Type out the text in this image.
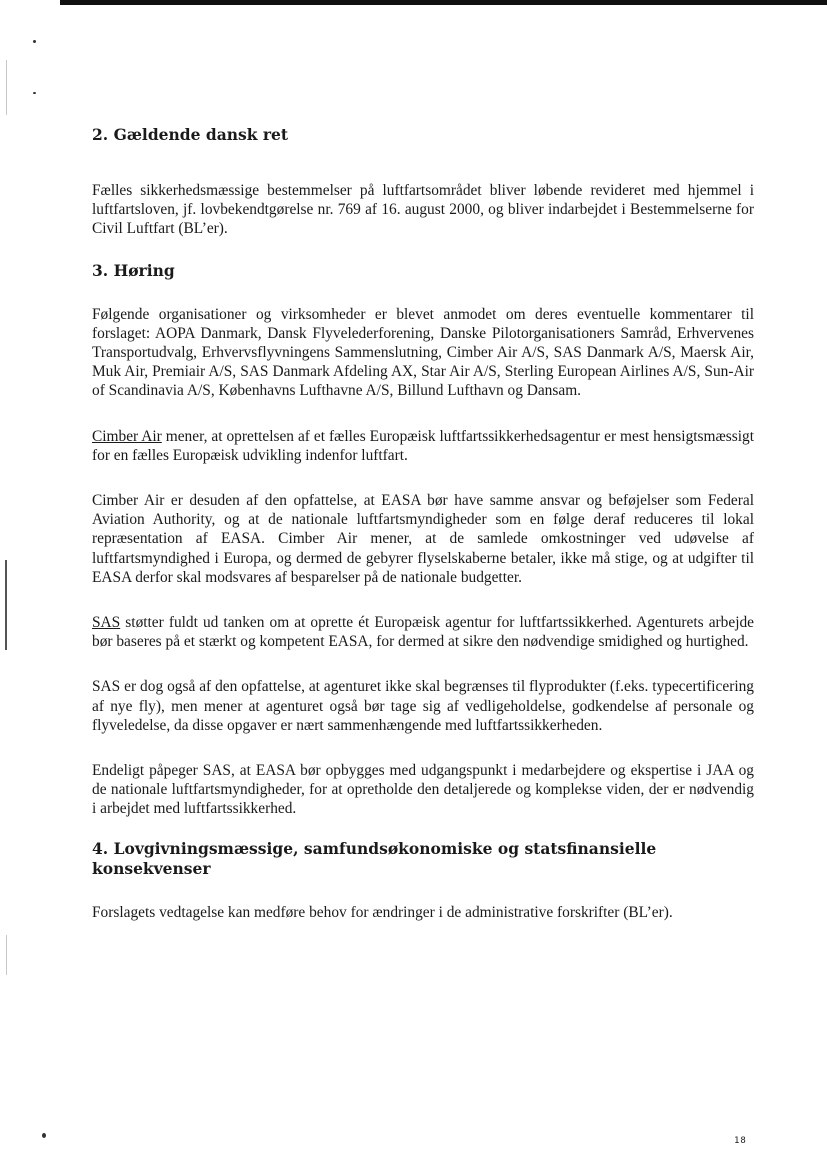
2. Gældende dansk ret

Fælles sikkerhedsmæssige bestemmelser på luftfartsområdet bliver løbende revideret med hjemmel i luftfartsloven, jf. lovbekendtgørelse nr. 769 af 16. august 2000, og bliver indarbejdet i Bestemmelserne for Civil Luftfart (BL’er).

3. Høring

Følgende organisationer og virksomheder er blevet anmodet om deres eventuelle kommentarer til forslaget: AOPA Danmark, Dansk Flyvelederforening, Danske Pilotorganisationers Samråd, Erhvervenes Transportudvalg, Erhvervsflyvningens Sammenslutning, Cimber Air A/S, SAS Danmark A/S, Maersk Air, Muk Air, Premiair A/S, SAS Danmark Afdeling AX, Star Air A/S, Sterling European Airlines A/S, Sun-Air of Scandinavia A/S, Københavns Lufthavne A/S, Billund Lufthavn og Dansam.

Cimber Air mener, at oprettelsen af et fælles Europæisk luftfartssikkerhedsagentur er mest hensigtsmæssigt for en fælles Europæisk udvikling indenfor luftfart.

Cimber Air er desuden af den opfattelse, at EASA bør have samme ansvar og beføjelser som Federal Aviation Authority, og at de nationale luftfartsmyndigheder som en følge deraf reduceres til lokal repræsentation af EASA. Cimber Air mener, at de samlede omkostninger ved udøvelse af luftfartsmyndighed i Europa, og dermed de gebyrer flyselskaberne betaler, ikke må stige, og at udgifter til EASA derfor skal modsvares af besparelser på de nationale budgetter.

SAS støtter fuldt ud tanken om at oprette ét Europæisk agentur for luftfartssikkerhed. Agenturets arbejde bør baseres på et stærkt og kompetent EASA, for dermed at sikre den nødvendige smidighed og hurtighed.

SAS er dog også af den opfattelse, at agenturet ikke skal begrænses til flyprodukter (f.eks. typecertificering af nye fly), men mener at agenturet også bør tage sig af vedligeholdelse, godkendelse af personale og flyveledelse, da disse opgaver er nært sammenhængende med luftfartssikkerheden.

Endeligt påpeger SAS, at EASA bør opbygges med udgangspunkt i medarbejdere og ekspertise i JAA og de nationale luftfartsmyndigheder, for at opretholde den detaljerede og komplekse viden, der er nødvendig i arbejdet med luftfartssikkerhed.

4. Lovgivningsmæssige, samfundsøkonomiske og statsfinansielle konsekvenser

Forslagets vedtagelse kan medføre behov for ændringer i de administrative forskrifter (BL’er).

18
